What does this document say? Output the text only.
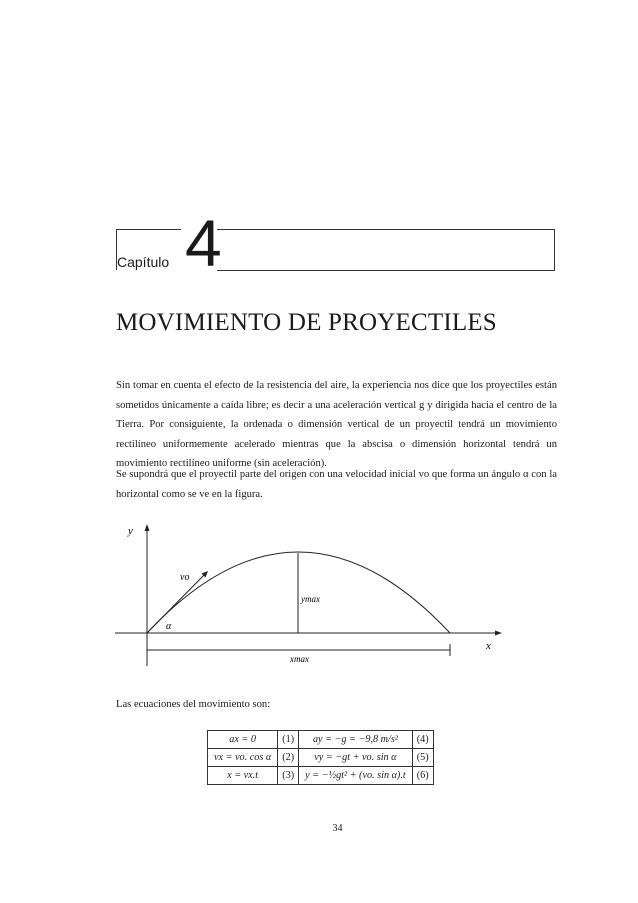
Capítulo 4
MOVIMIENTO DE PROYECTILES

Sin tomar en cuenta el efecto de la resistencia del aire, la experiencia nos dice que los proyectiles están sometidos únicamente a caída libre; es decir a una aceleración vertical g y dirigida hacia el centro de la Tierra. Por consiguiente, la ordenada o dimensión vertical de un proyectil tendrá un movimiento rectilíneo uniformemente acelerado mientras que la abscisa o dimensión horizontal tendrá un movimiento rectilíneo uniforme (sin aceleración).

Se supondrá que el proyectil parte del origen con una velocidad inicial vo que forma un ángulo α con la horizontal como se ve en la figura.

y
x
vo
α
ymax
xmax

Las ecuaciones del movimiento son:

ax = 0	(1)	ay = −g = −9,8 m/s²	(4)
vx = vo. cos α	(2)	vy = −gt + vo. sin α	(5)
x = vx.t	(3)	y = −½gt² + (vo. sin α).t	(6)
34
